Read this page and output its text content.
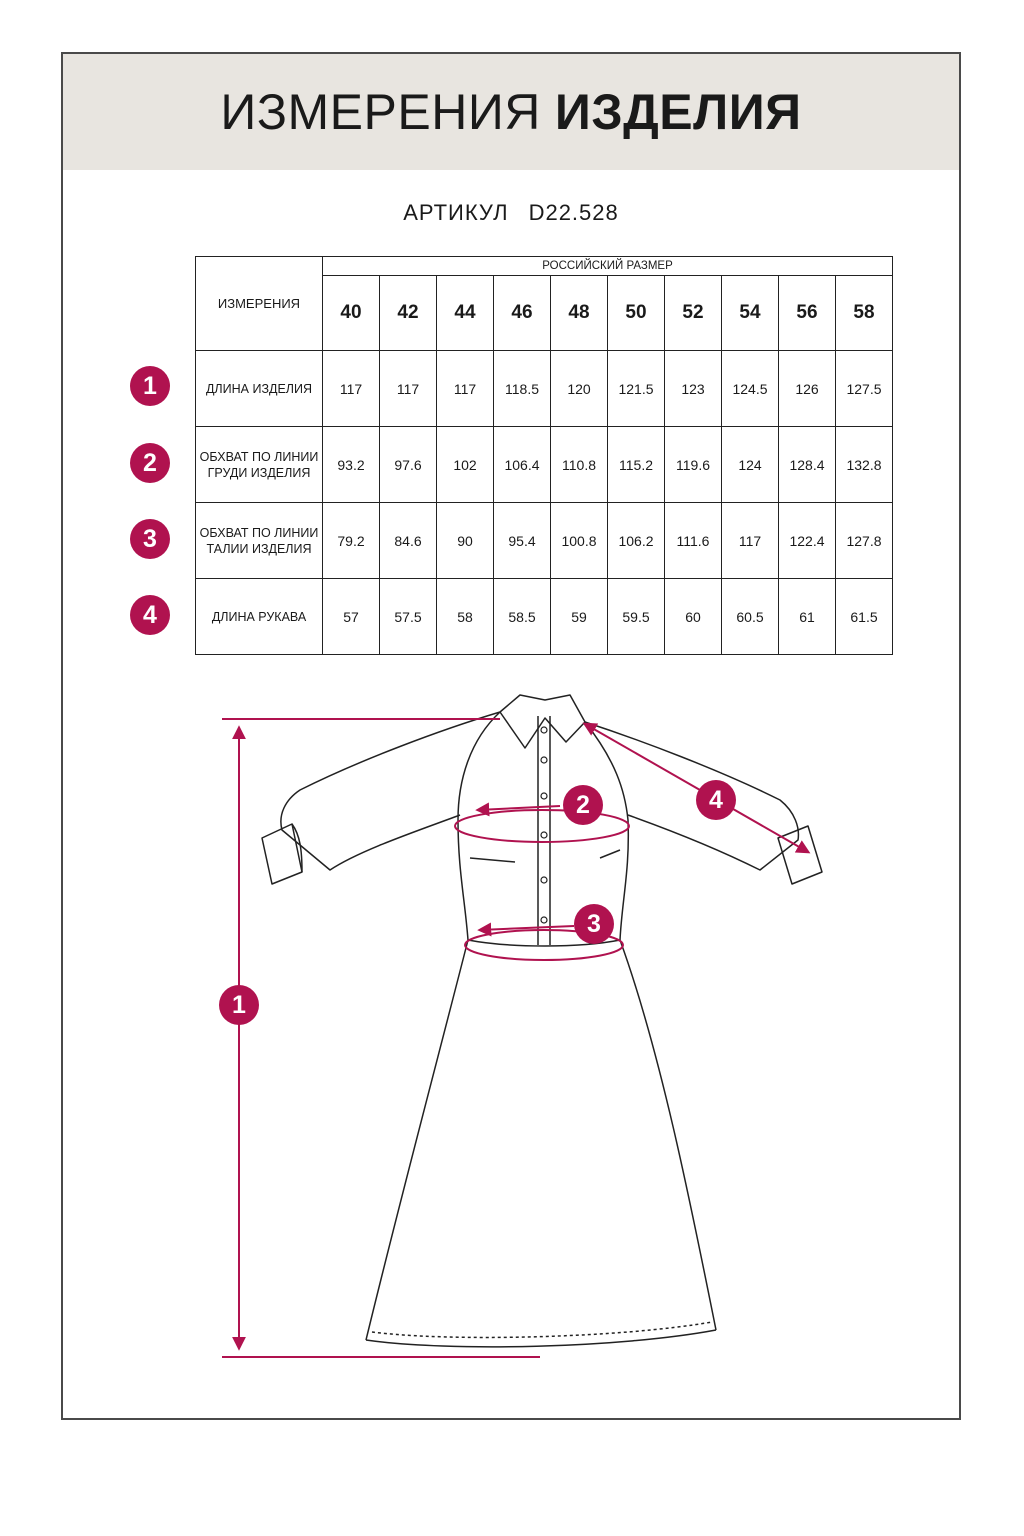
ИЗМЕРЕНИЯ ИЗДЕЛИЯ
АРТИКУЛ D22.528
ИЗМЕРЕНИЯ	РОССИЙСКИЙ РАЗМЕР									
	40	42	44	46	48	50	52	54	56	58
ДЛИНА ИЗДЕЛИЯ	117	117	117	118.5	120	121.5	123	124.5	126	127.5
ОБХВАТ ПО ЛИНИИ ГРУДИ ИЗДЕЛИЯ	93.2	97.6	102	106.4	110.8	115.2	119.6	124	128.4	132.8
ОБХВАТ ПО ЛИНИИ ТАЛИИ ИЗДЕЛИЯ	79.2	84.6	90	95.4	100.8	106.2	111.6	117	122.4	127.8
ДЛИНА РУКАВА	57	57.5	58	58.5	59	59.5	60	60.5	61	61.5
1
2
3
4
1
2
3
4
